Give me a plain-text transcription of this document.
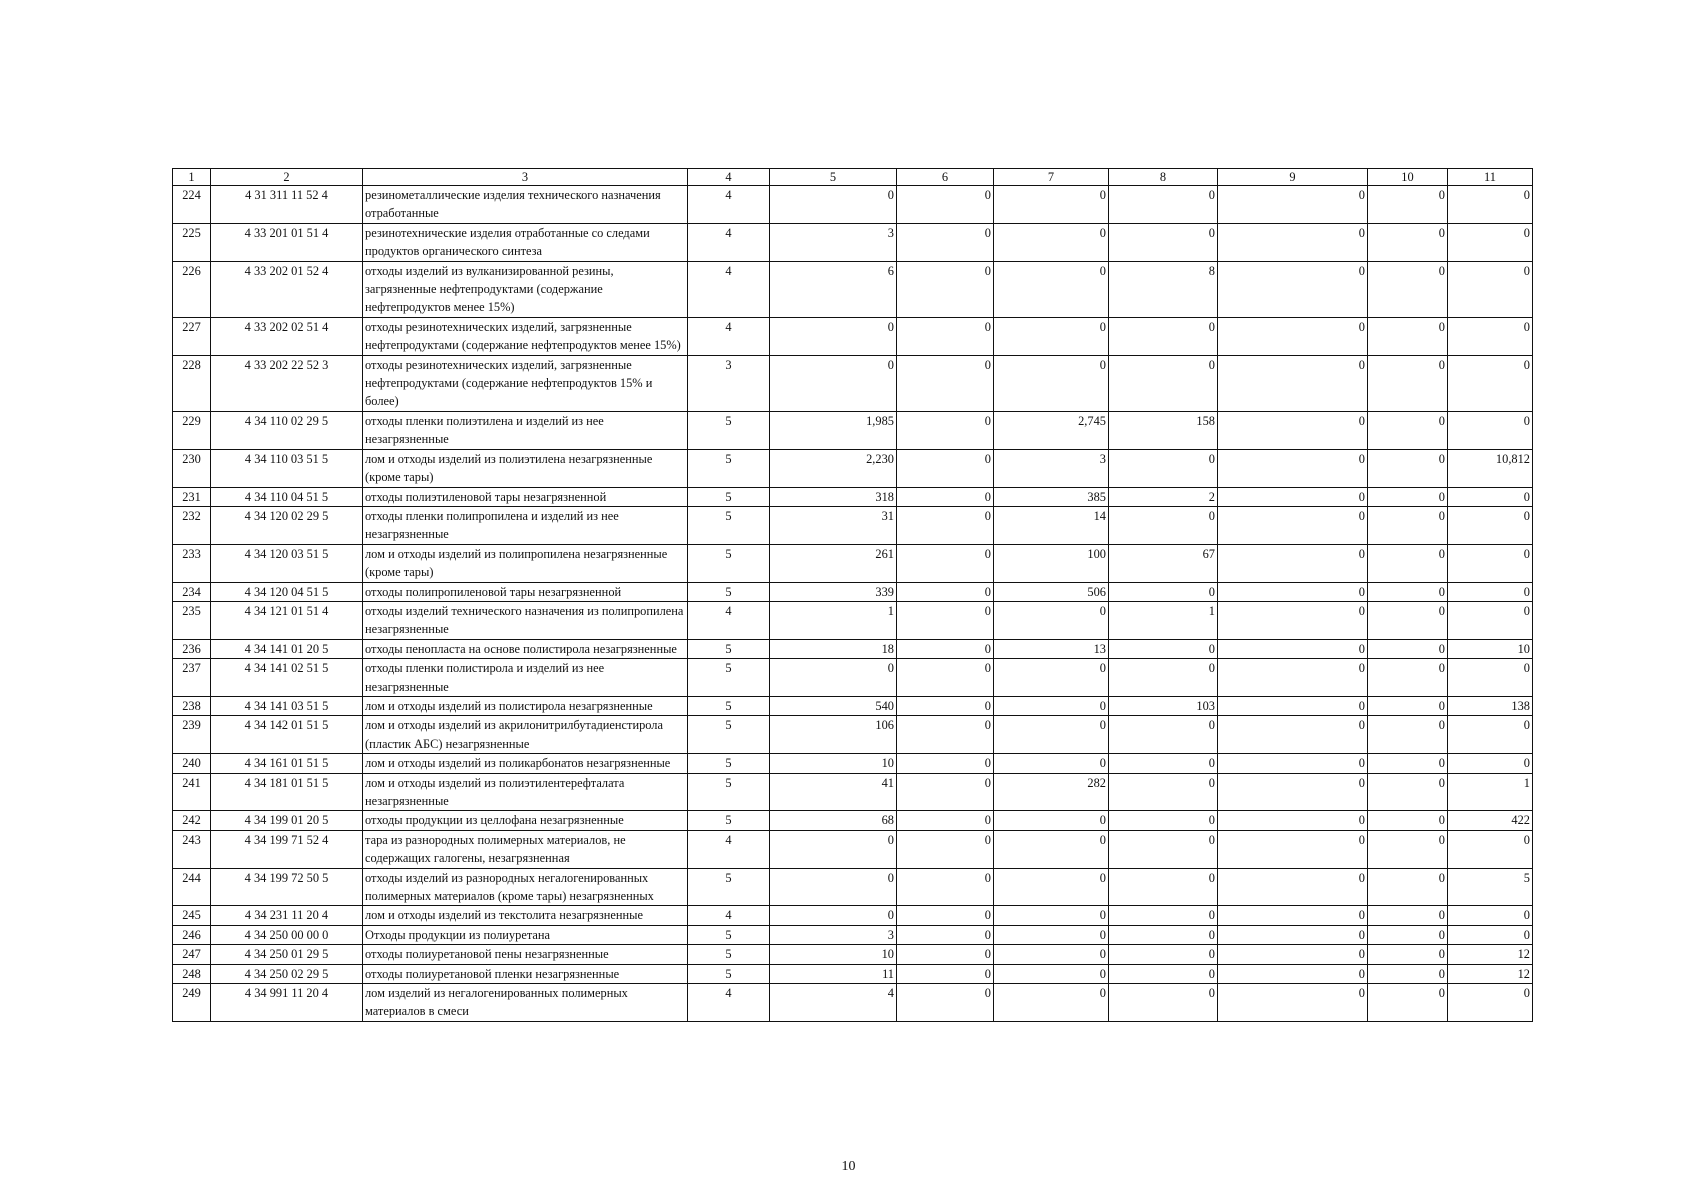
1	2	3	4	5	6	7	8	9	10	11
224	4 31 311 11 52 4	резинометаллические изделия технического назначения отработанные	4	0	0	0	0	0	0	0
225	4 33 201 01 51 4	резинотехнические изделия отработанные со следами продуктов органического синтеза	4	3	0	0	0	0	0	0
226	4 33 202 01 52 4	отходы изделий из вулканизированной резины, загрязненные нефтепродуктами (содержание нефтепродуктов менее 15%)	4	6	0	0	8	0	0	0
227	4 33 202 02 51 4	отходы резинотехнических изделий, загрязненные нефтепродуктами (содержание нефтепродуктов менее 15%)	4	0	0	0	0	0	0	0
228	4 33 202 22 52 3	отходы резинотехнических изделий, загрязненные нефтепродуктами (содержание нефтепродуктов 15% и более)	3	0	0	0	0	0	0	0
229	4 34 110 02 29 5	отходы пленки полиэтилена и изделий из нее незагрязненные	5	1,985	0	2,745	158	0	0	0
230	4 34 110 03 51 5	лом и отходы изделий из полиэтилена незагрязненные (кроме тары)	5	2,230	0	3	0	0	0	10,812
231	4 34 110 04 51 5	отходы полиэтиленовой тары незагрязненной	5	318	0	385	2	0	0	0
232	4 34 120 02 29 5	отходы пленки полипропилена и изделий из нее незагрязненные	5	31	0	14	0	0	0	0
233	4 34 120 03 51 5	лом и отходы изделий из полипропилена незагрязненные (кроме тары)	5	261	0	100	67	0	0	0
234	4 34 120 04 51 5	отходы полипропиленовой тары незагрязненной	5	339	0	506	0	0	0	0
235	4 34 121 01 51 4	отходы изделий технического назначения из полипропилена незагрязненные	4	1	0	0	1	0	0	0
236	4 34 141 01 20 5	отходы пенопласта на основе полистирола незагрязненные	5	18	0	13	0	0	0	10
237	4 34 141 02 51 5	отходы пленки полистирола и изделий из нее незагрязненные	5	0	0	0	0	0	0	0
238	4 34 141 03 51 5	лом и отходы изделий из полистирола незагрязненные	5	540	0	0	103	0	0	138
239	4 34 142 01 51 5	лом и отходы изделий из акрилонитрилбутадиенстирола (пластик АБС) незагрязненные	5	106	0	0	0	0	0	0
240	4 34 161 01 51 5	лом и отходы изделий из поликарбонатов незагрязненные	5	10	0	0	0	0	0	0
241	4 34 181 01 51 5	лом и отходы изделий из полиэтилентерефталата незагрязненные	5	41	0	282	0	0	0	1
242	4 34 199 01 20 5	отходы продукции из целлофана незагрязненные	5	68	0	0	0	0	0	422
243	4 34 199 71 52 4	тара из разнородных полимерных материалов, не содержащих галогены, незагрязненная	4	0	0	0	0	0	0	0
244	4 34 199 72 50 5	отходы изделий из разнородных негалогенированных полимерных материалов (кроме тары) незагрязненных	5	0	0	0	0	0	0	5
245	4 34 231 11 20 4	лом и отходы изделий из текстолита незагрязненные	4	0	0	0	0	0	0	0
246	4 34 250 00 00 0	Отходы продукции из полиуретана	5	3	0	0	0	0	0	0
247	4 34 250 01 29 5	отходы полиуретановой пены незагрязненные	5	10	0	0	0	0	0	12
248	4 34 250 02 29 5	отходы полиуретановой пленки незагрязненные	5	11	0	0	0	0	0	12
249	4 34 991 11 20 4	лом изделий из негалогенированных полимерных материалов в смеси	4	4	0	0	0	0	0	0
10
